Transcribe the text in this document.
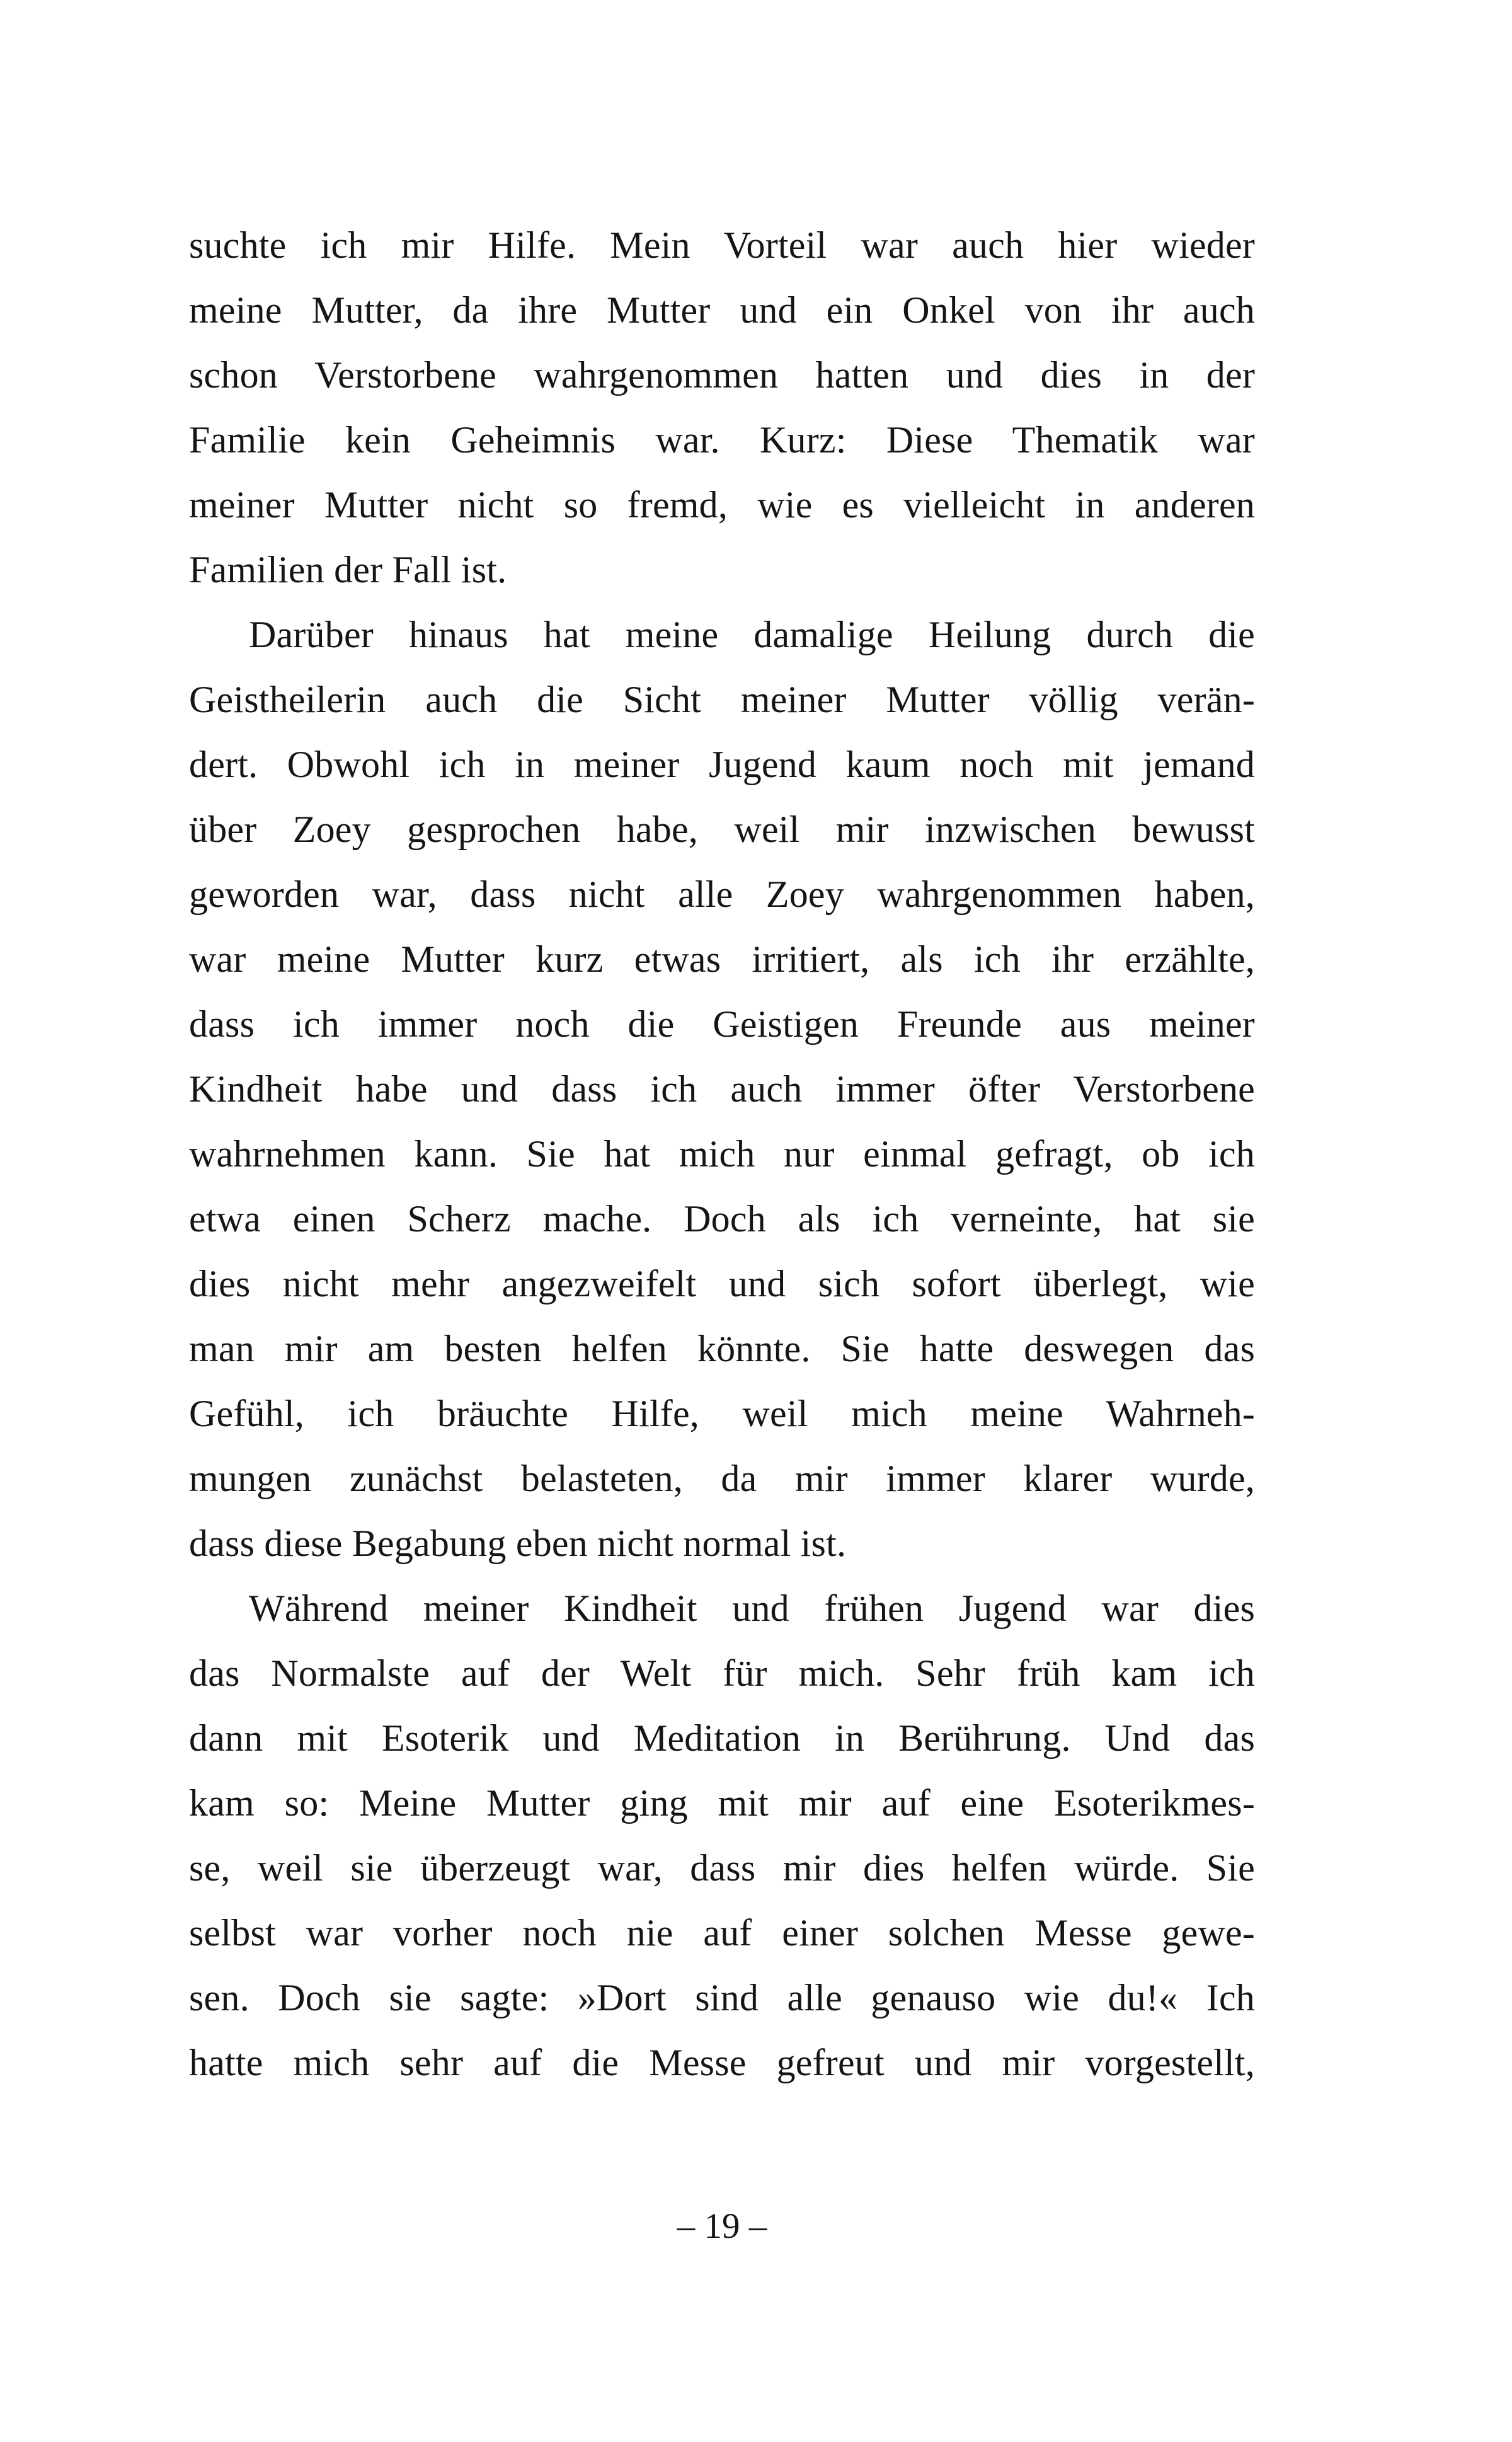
suchte ich mir Hilfe. Mein Vorteil war auch hier wieder
meine Mutter, da ihre Mutter und ein Onkel von ihr auch
schon Verstorbene wahrgenommen hatten und dies in der
Familie kein Geheimnis war. Kurz: Diese Thematik war
meiner Mutter nicht so fremd, wie es vielleicht in anderen
Familien der Fall ist.
Darüber hinaus hat meine damalige Heilung durch die
Geistheilerin auch die Sicht meiner Mutter völlig verän-
dert. Obwohl ich in meiner Jugend kaum noch mit jemand
über Zoey gesprochen habe, weil mir inzwischen bewusst
geworden war, dass nicht alle Zoey wahrgenommen haben,
war meine Mutter kurz etwas irritiert, als ich ihr erzählte,
dass ich immer noch die Geistigen Freunde aus meiner
Kindheit habe und dass ich auch immer öfter Verstorbene
wahrnehmen kann. Sie hat mich nur einmal gefragt, ob ich
etwa einen Scherz mache. Doch als ich verneinte, hat sie
dies nicht mehr angezweifelt und sich sofort überlegt, wie
man mir am besten helfen könnte. Sie hatte deswegen das
Gefühl, ich bräuchte Hilfe, weil mich meine Wahrneh-
mungen zunächst belasteten, da mir immer klarer wurde,
dass diese Begabung eben nicht normal ist.
Während meiner Kindheit und frühen Jugend war dies
das Normalste auf der Welt für mich. Sehr früh kam ich
dann mit Esoterik und Meditation in Berührung. Und das
kam so: Meine Mutter ging mit mir auf eine Esoterikmes-
se, weil sie überzeugt war, dass mir dies helfen würde. Sie
selbst war vorher noch nie auf einer solchen Messe gewe-
sen. Doch sie sagte: »Dort sind alle genauso wie du!« Ich
hatte mich sehr auf die Messe gefreut und mir vorgestellt,
– 19 –
